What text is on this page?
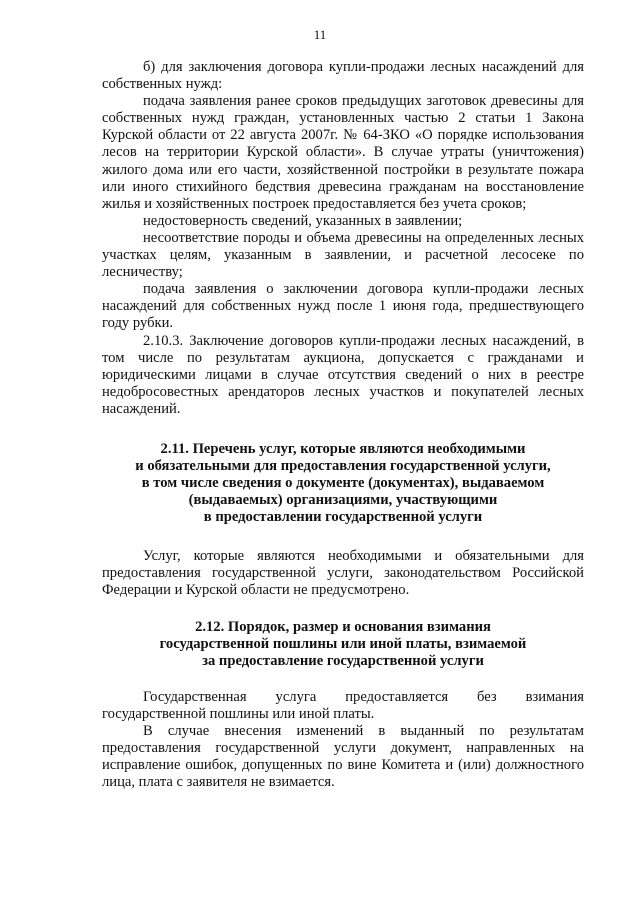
11
б) для заключения договора купли-продажи лесных насаждений для
собственных нужд:
подача заявления ранее сроков предыдущих заготовок древесины для
собственных нужд граждан, установленных частью 2 статьи 1 Закона
Курской области от 22 августа 2007г. № 64-ЗКО «О порядке использования
лесов на территории Курской области». В случае утраты (уничтожения)
жилого дома или его части, хозяйственной постройки в результате пожара
или иного стихийного бедствия древесина гражданам на восстановление
жилья и хозяйственных построек предоставляется без учета сроков;
недостоверность сведений, указанных в заявлении;
несоответствие породы и объема древесины на определенных лесных
участках целям, указанным в заявлении, и расчетной лесосеке по
лесничеству;
подача заявления о заключении договора купли-продажи лесных
насаждений для собственных нужд после 1 июня года, предшествующего
году рубки.
2.10.3. Заключение договоров купли-продажи лесных насаждений, в
том числе по результатам аукциона, допускается с гражданами и
юридическими лицами в случае отсутствия сведений о них в реестре
недобросовестных арендаторов лесных участков и покупателей лесных
насаждений.
2.11. Перечень услуг, которые являются необходимыми
и обязательными для предоставления государственной услуги,
в том числе сведения о документе (документах), выдаваемом
(выдаваемых) организациями, участвующими
в предоставлении государственной услуги
Услуг, которые являются необходимыми и обязательными для
предоставления государственной услуги, законодательством Российской
Федерации и Курской области не предусмотрено.
2.12. Порядок, размер и основания взимания
государственной пошлины или иной платы, взимаемой
за предоставление государственной услуги
Государственная услуга предоставляется без взимания
государственной пошлины или иной платы.
В случае внесения изменений в выданный по результатам
предоставления государственной услуги документ, направленных на
исправление ошибок, допущенных по вине Комитета и (или) должностного
лица, плата с заявителя не взимается.
